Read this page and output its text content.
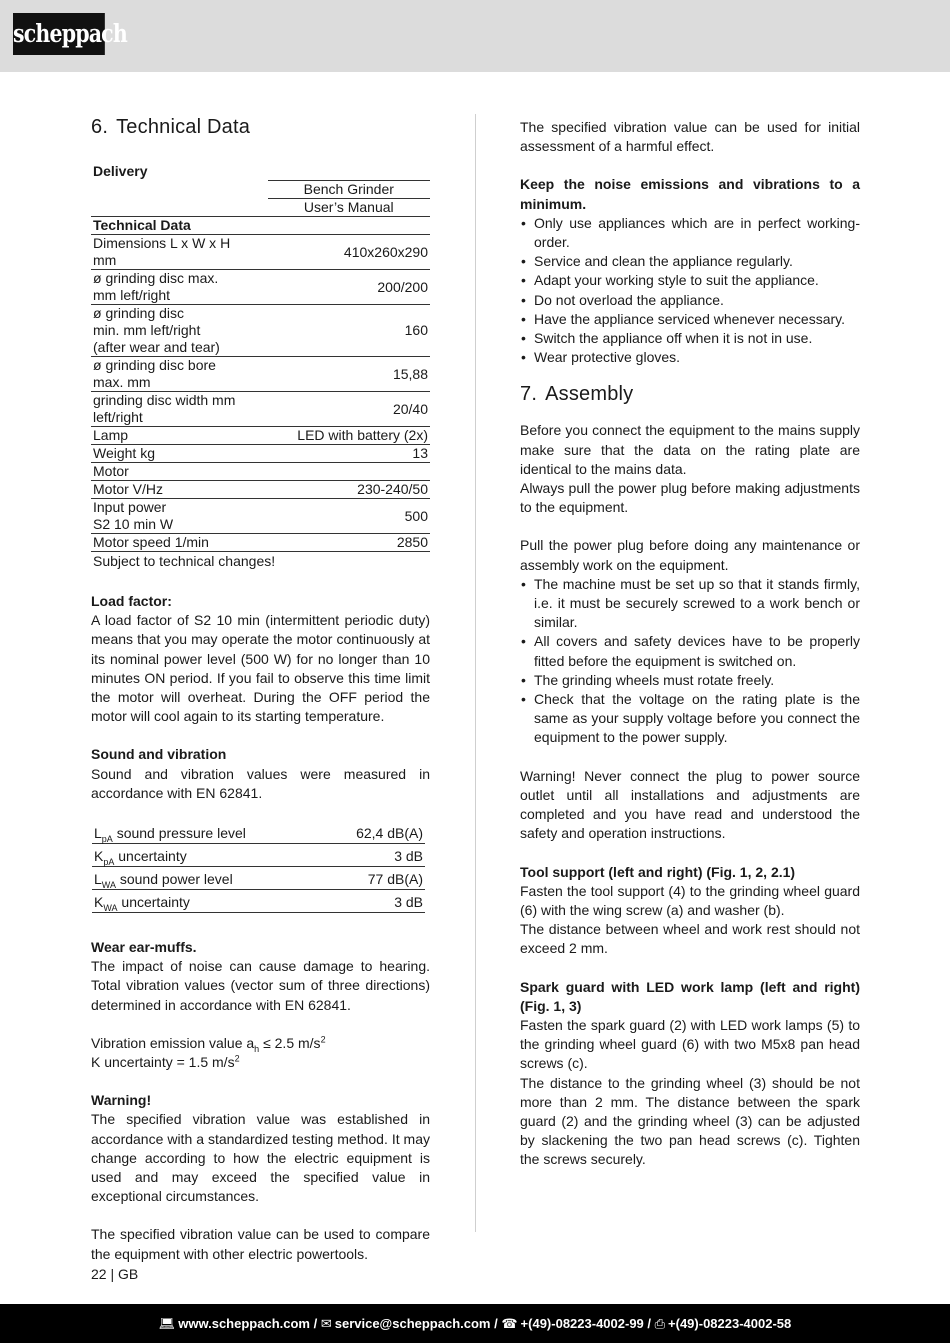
scheppach
6. Technical Data
Delivery	
	Bench Grinder
	User’s Manual
Technical Data	
Dimensions L x W x H
mm	410x260x290
ø grinding disc max.
mm left/right	200/200
ø grinding disc
min. mm left/right
(after wear and tear)	160
ø grinding disc bore
max. mm	15,88
grinding disc width mm
left/right	20/40
Lamp	LED with battery (2x)
Weight kg	13
Motor	
Motor V/Hz	230-240/50
Input power
S2 10 min W	500
Motor speed 1/min	2850
Subject to technical changes!	

Load factor:

A load factor of S2 10 min (intermittent periodic duty) means that you may operate the motor continuously at its nominal power level (500 W) for no longer than 10 minutes ON period. If you fail to observe this time limit the motor will overheat. During the OFF period the motor will cool again to its starting temperature.

Sound and vibration

Sound and vibration values were measured in accordance with EN 62841.

$L_{pA}$ sound pressure level	62,4 dB(A)
$K_{pA}$ uncertainty	3 dB
$L_{WA}$ sound power level	77 dB(A)
$K_{WA}$ uncertainty	3 dB

Wear ear-muffs.

The impact of noise can cause damage to hearing. Total vibration values (vector sum of three directions) determined in accordance with EN 62841.

Vibration emission value $a_h \le 2.5$ $m/s^2$

K uncertainty = 1.5 $m/s^2$

Warning!

The specified vibration value was established in accordance with a standardized testing method. It may change according to how the electric equipment is used and may exceed the specified value in exceptional circumstances.

The specified vibration value can be used to compare the equipment with other electric powertools.

The specified vibration value can be used for initial assessment of a harmful effect.

Keep the noise emissions and vibrations to a minimum.

• Only use appliances which are in perfect working-order.
• Service and clean the appliance regularly.
• Adapt your working style to suit the appliance.
• Do not overload the appliance.
• Have the appliance serviced whenever necessary.
• Switch the appliance off when it is not in use.
• Wear protective gloves.
7. Assembly

Before you connect the equipment to the mains supply make sure that the data on the rating plate are identical to the mains data.

Always pull the power plug before making adjustments to the equipment.

Pull the power plug before doing any maintenance or assembly work on the equipment.

• The machine must be set up so that it stands firmly, i.e. it must be securely screwed to a work bench or similar.
• All covers and safety devices have to be properly fitted before the equipment is switched on.
• The grinding wheels must rotate freely.
• Check that the voltage on the rating plate is the same as your supply voltage before you connect the equipment to the power supply.

Warning! Never connect the plug to power source outlet until all installations and adjustments are completed and you have read and understood the safety and operation instructions.

Tool support (left and right) (Fig. 1, 2, 2.1)

Fasten the tool support (4) to the grinding wheel guard (6) with the wing screw (a) and washer (b).

The distance between wheel and work rest should not exceed 2 mm.

Spark guard with LED work lamp (left and right) (Fig. 1, 3)

Fasten the spark guard (2) with LED work lamps (5) to the grinding wheel guard (6) with two M5x8 pan head screws (c).

The distance to the grinding wheel (3) should be not more than 2 mm. The distance between the spark guard (2) and the grinding wheel (3) can be adjusted by slackening the two pan head screws (c). Tighten the screws securely.

22 | GB
💻︎ www.scheppach.com / ✉︎ service@scheppach.com / ☎︎ +(49)-08223-4002-99 / ⎙ +(49)-08223-4002-58
